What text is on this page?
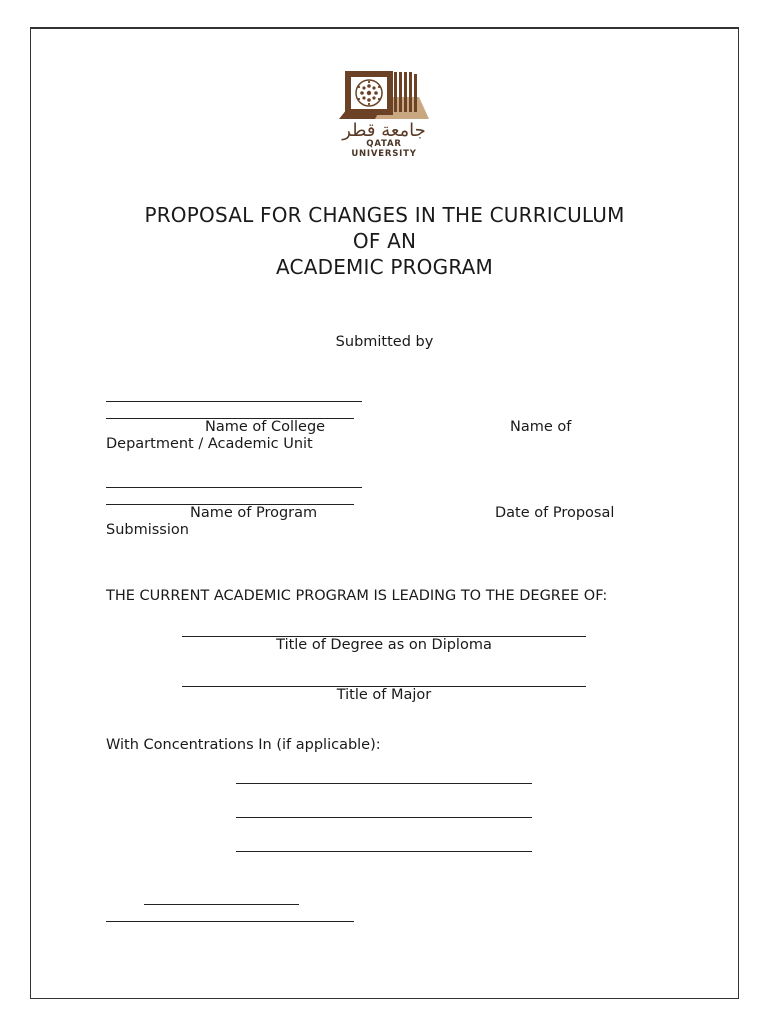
جامعة قطر
QATAR UNIVERSITY
PROPOSAL FOR CHANGES IN THE CURRICULUM
OF AN
ACADEMIC PROGRAM
Submitted by
Name of College	Name of
Department / Academic Unit
Name of Program	Date of Proposal
Submission
THE CURRENT ACADEMIC PROGRAM IS LEADING TO THE DEGREE OF:
Title of Degree as on Diploma
Title of Major
With Concentrations In (if applicable):
